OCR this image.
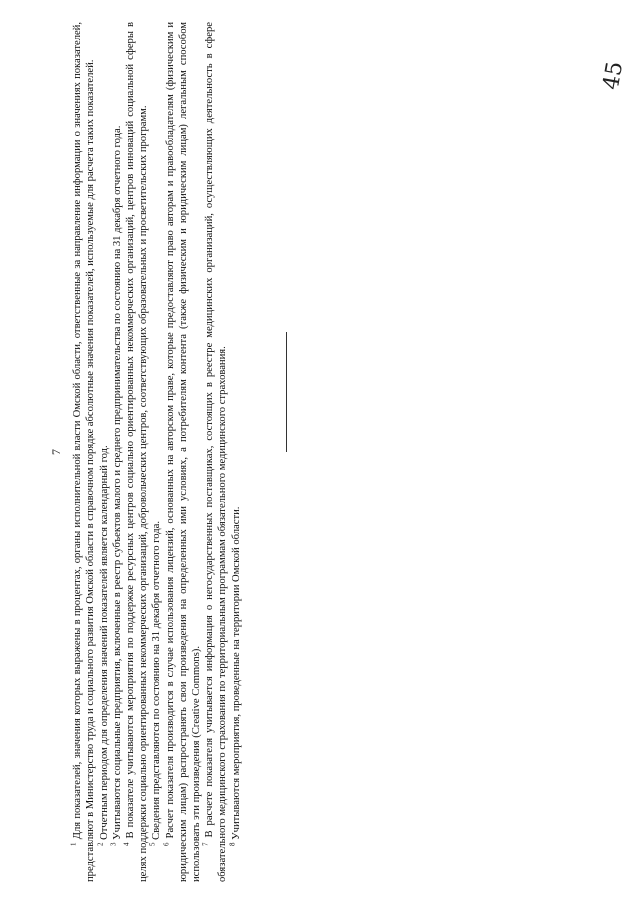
7

$^1$ Для показателей, значения которых выражены в процентах, органы исполнительной власти Омской области, ответственные за направление информации о значениях показателей, представляют в Министерство труда и социального развития Омской области в справочном порядке абсолютные значения показателей, используемые для расчета таких показателей. $^2$ Отчетным периодом для определения значений показателей является календарный год.

$^3$ Учитываются социальные предприятия, включенные в реестр субъектов малого и среднего предпринимательства по состоянию на 31 декабря отчетного года.

$^4$ В показателе учитываются мероприятия по поддержке ресурсных центров социально ориентированных некоммерческих организаций, центров инноваций социальной сферы в целях поддержки социально ориентированных некоммерческих организаций, добровольческих центров, соответствующих образовательных и просветительских программ. $^5$ Сведения представляются по состоянию на 31 декабря отчетного года.

$^6$ Расчет показателя производится в случае использования лицензий, основанных на авторском праве, которые предоставляют право авторам и правообладателям (физическим и юридическим лицам) распространять свои произведения на определенных ими условиях, а потребителям контента (также физическим и юридическим лицам) легальным способом использовать эти произведения (Creative Commons). $^7$ В расчете показателя учитывается информация о негосударственных поставщиках, состоящих в реестре медицинских организаций, осуществляющих деятельность в сфере обязательного медицинского страхования по территориальным программам обязательного медицинского страхования. $^8$ Учитываются мероприятия, проведенные на территории Омской области.

45
